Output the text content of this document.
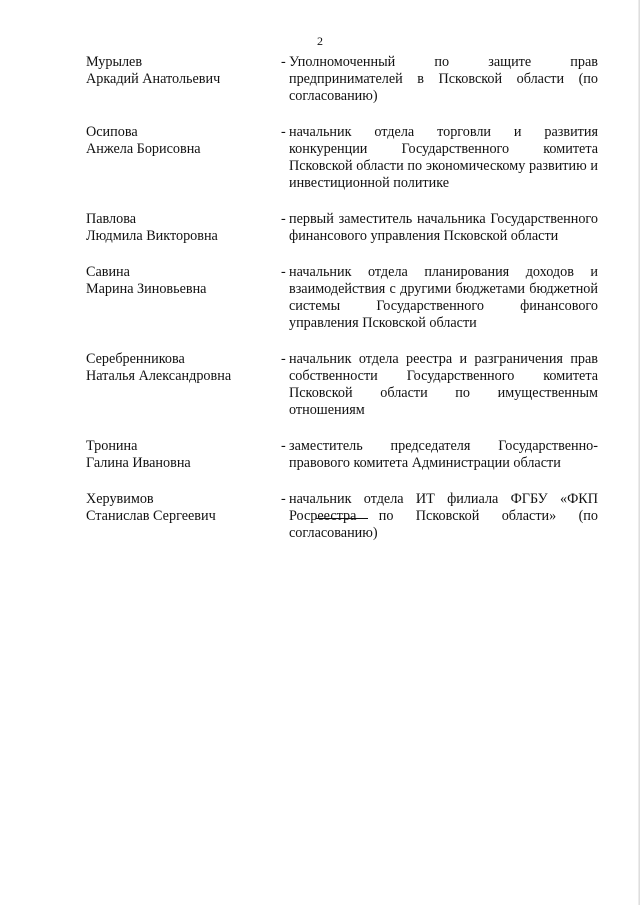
2
Мурылев
Аркадий Анатольевич
- Уполномоченный по защите прав предпринимателей в Псковской области (по согласованию)
Осипова
Анжела Борисовна
- начальник отдела торговли и развития конкуренции Государственного комитета Псковской области по экономическому развитию и инвестиционной политике
Павлова
Людмила Викторовна
- первый заместитель начальника Государственного финансового управления Псковской области
Савина
Марина Зиновьевна
- начальник отдела планирования доходов и взаимодействия с другими бюджетами бюджетной системы Государственного финансового управления Псковской области
Серебренникова
Наталья Александровна
- начальник отдела реестра и разграничения прав собственности Государственного комитета Псковской области по имущественным отношениям
Тронина
Галина Ивановна
- заместитель председателя Государственно-правового комитета Администрации области
Херувимов
Станислав Сергеевич
- начальник отдела ИТ филиала ФГБУ «ФКП Росреестра по Псковской области» (по согласованию)
